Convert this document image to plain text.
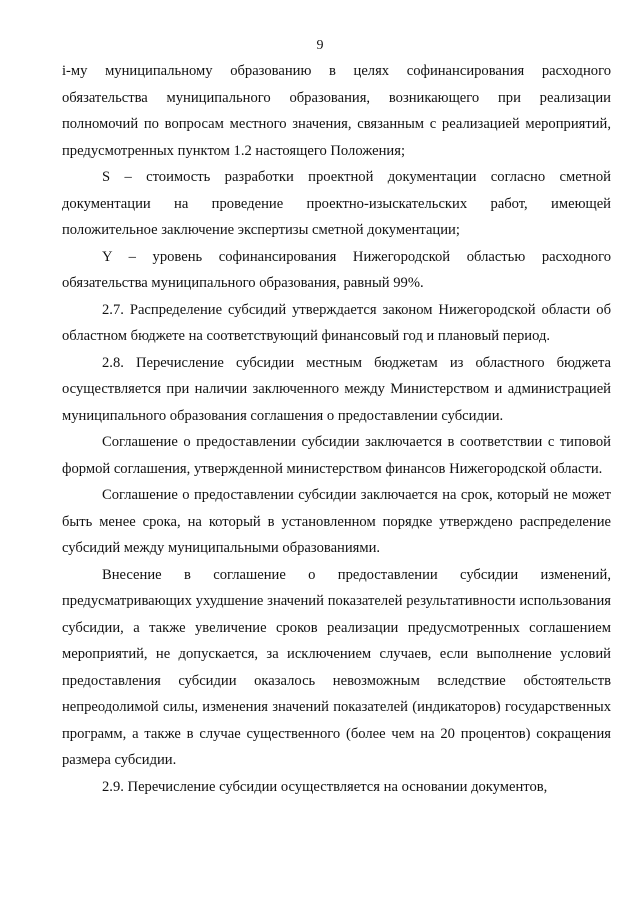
9

i-му муниципальному образованию в целях софинансирования расходного обязательства муниципального образования, возникающего при реализации полномочий по вопросам местного значения, связанным с реализацией мероприятий, предусмотренных пунктом 1.2 настоящего Положения;

S – стоимость разработки проектной документации согласно сметной документации на проведение проектно-изыскательских работ, имеющей положительное заключение экспертизы сметной документации;

Y – уровень софинансирования Нижегородской областью расходного обязательства муниципального образования, равный 99%.

2.7. Распределение субсидий утверждается законом Нижегородской области об областном бюджете на соответствующий финансовый год и плановый период.

2.8. Перечисление субсидии местным бюджетам из областного бюджета осуществляется при наличии заключенного между Министерством и администрацией муниципального образования соглашения о предоставлении субсидии.

Соглашение о предоставлении субсидии заключается в соответствии с типовой формой соглашения, утвержденной министерством финансов Нижегородской области.

Соглашение о предоставлении субсидии заключается на срок, который не может быть менее срока, на который в установленном порядке утверждено распределение субсидий между муниципальными образованиями.

Внесение в соглашение о предоставлении субсидии изменений, предусматривающих ухудшение значений показателей результативности использования субсидии, а также увеличение сроков реализации предусмотренных соглашением мероприятий, не допускается, за исключением случаев, если выполнение условий предоставления субсидии оказалось невозможным вследствие обстоятельств непреодолимой силы, изменения значений показателей (индикаторов) государственных программ, а также в случае существенного (более чем на 20 процентов) сокращения размера субсидии.

2.9. Перечисление субсидии осуществляется на основании документов,
